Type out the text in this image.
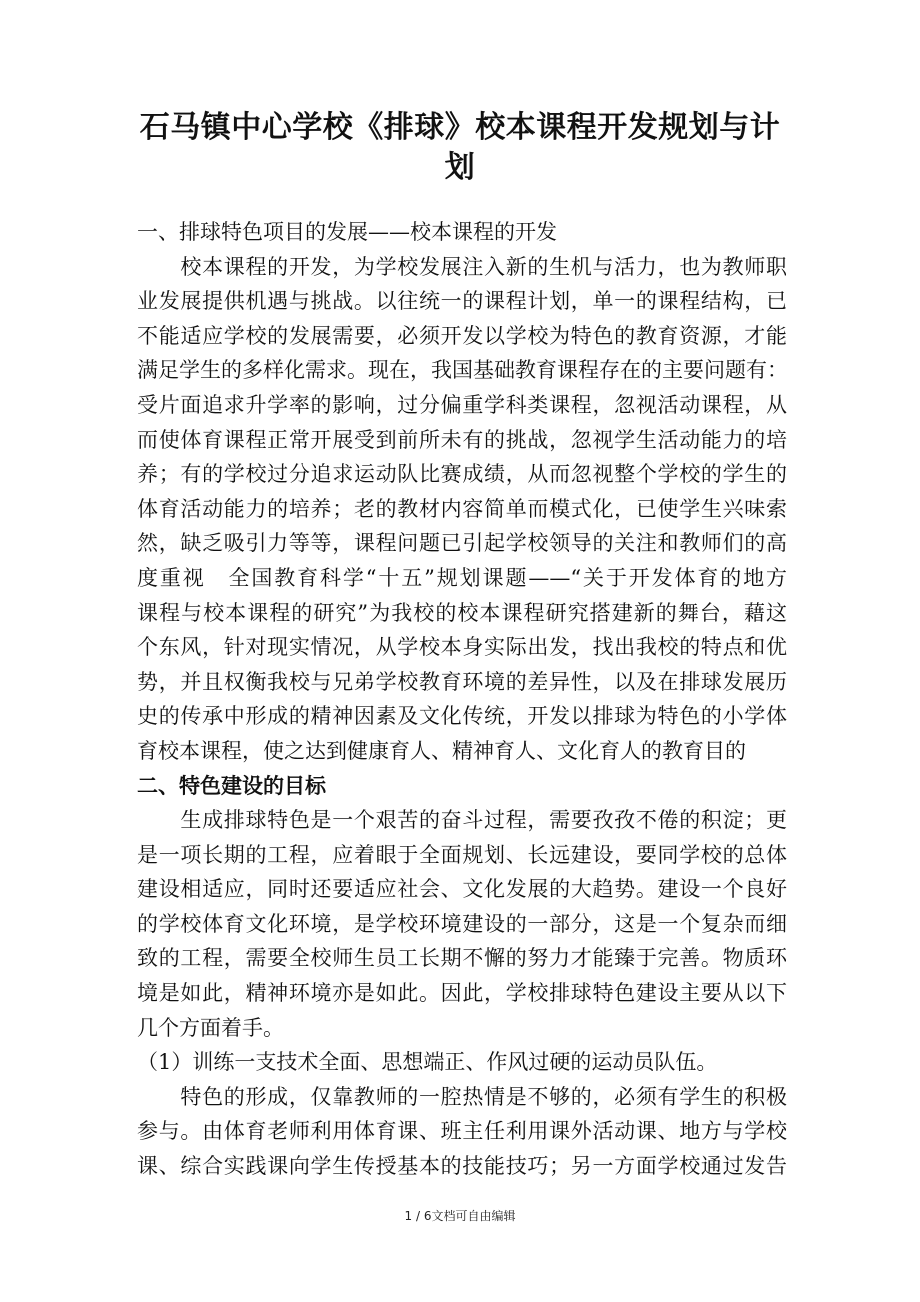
石马镇中心学校《排球》校本课程开发规划与计
划
一、排球特色项目的发展——校本课程的开发
　　校本课程的开发，为学校发展注入新的生机与活力，也为教师职
业发展提供机遇与挑战。以往统一的课程计划，单一的课程结构，已
不能适应学校的发展需要，必须开发以学校为特色的教育资源，才能
满足学生的多样化需求。现在，我国基础教育课程存在的主要问题有：
受片面追求升学率的影响，过分偏重学科类课程，忽视活动课程，从
而使体育课程正常开展受到前所未有的挑战，忽视学生活动能力的培
养；有的学校过分追求运动队比赛成绩，从而忽视整个学校的学生的
体育活动能力的培养；老的教材内容简单而模式化，已使学生兴味索
然，缺乏吸引力等等，课程问题已引起学校领导的关注和教师们的高
度重视　全国教育科学“十五”规划课题——“关于开发体育的地方
课程与校本课程的研究”为我校的校本课程研究搭建新的舞台，藉这
个东风，针对现实情况，从学校本身实际出发，找出我校的特点和优
势，并且权衡我校与兄弟学校教育环境的差异性，以及在排球发展历
史的传承中形成的精神因素及文化传统，开发以排球为特色的小学体
育校本课程，使之达到健康育人、精神育人、文化育人的教育目的
二、特色建设的目标
　　生成排球特色是一个艰苦的奋斗过程，需要孜孜不倦的积淀；更
是一项长期的工程，应着眼于全面规划、长远建设，要同学校的总体
建设相适应，同时还要适应社会、文化发展的大趋势。建设一个良好
的学校体育文化环境，是学校环境建设的一部分，这是一个复杂而细
致的工程，需要全校师生员工长期不懈的努力才能臻于完善。物质环
境是如此，精神环境亦是如此。因此，学校排球特色建设主要从以下
几个方面着手。
（1）训练一支技术全面、思想端正、作风过硬的运动员队伍。
　　特色的形成，仅靠教师的一腔热情是不够的，必须有学生的积极
参与。由体育老师利用体育课、班主任利用课外活动课、地方与学校
课、综合实践课向学生传授基本的技能技巧；另一方面学校通过发告
1 / 6文档可自由编辑
